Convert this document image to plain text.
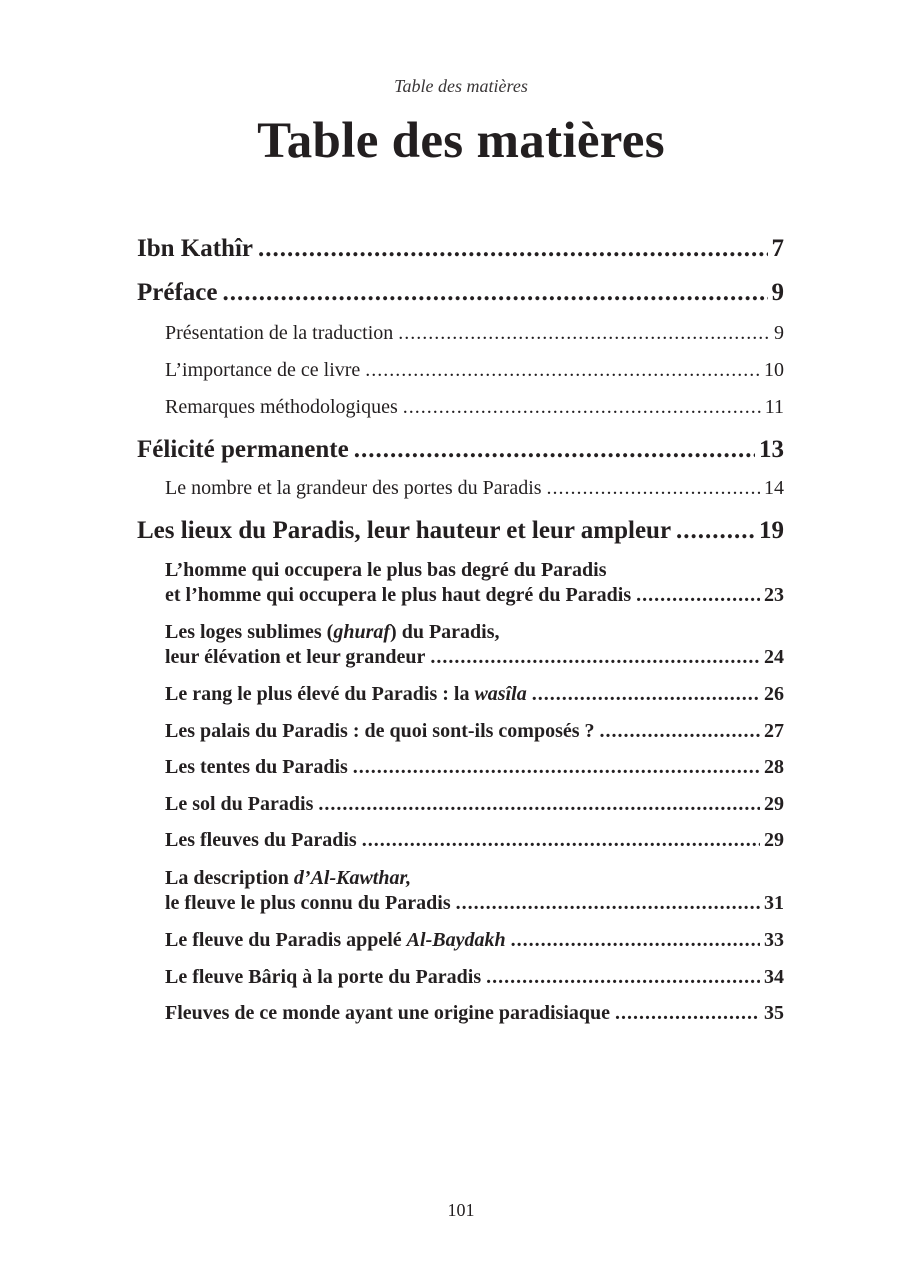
Table des matières
Table des matières
Ibn Kathîr .....	7
Préface .....	9
Présentation de la traduction .....	9
L’importance de ce livre .....	10
Remarques méthodologiques .....	11
Félicité permanente .....	13
Le nombre et la grandeur des portes du Paradis .....	14
Les lieux du Paradis, leur hauteur et leur ampleur .....	19
L’homme qui occupera le plus bas degré du Paradis
et l’homme qui occupera le plus haut degré du Paradis .....	23
Les loges sublimes (ghuraf) du Paradis,
leur élévation et leur grandeur .....	24
Le rang le plus élevé du Paradis : la wasîla .....	26
Les palais du Paradis : de quoi sont-ils composés ? .....	27
Les tentes du Paradis .....	28
Le sol du Paradis .....	29
Les fleuves du Paradis .....	29
La description d’Al-Kawthar,
le fleuve le plus connu du Paradis .....	31
Le fleuve du Paradis appelé Al-Baydakh .....	33
Le fleuve Bâriq à la porte du Paradis .....	34
Fleuves de ce monde ayant une origine paradisiaque .....	35
101
